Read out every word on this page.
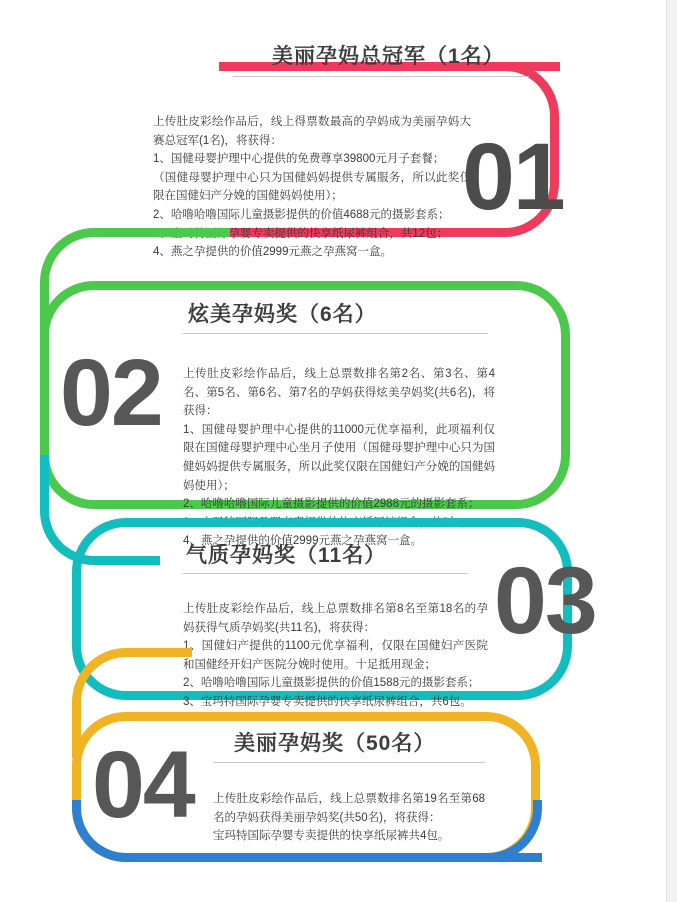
美丽孕妈总冠军（1名）

上传肚皮彩绘作品后，线上得票数最高的孕妈成为美丽孕妈大赛总冠军(1名)，将获得：

1、国健母婴护理中心提供的免费尊享39800元月子套餐；

（国健母婴护理中心只为国健妈妈提供专属服务，所以此奖仅限在国健妇产分娩的国健妈妈使用）；

2、哈噜哈噜国际儿童摄影提供的价值4688元的摄影套系；

3、宝玛特国际孕婴专卖提供的快享纸尿裤组合，共12包；

4、燕之孕提供的价值2999元燕之孕燕窝一盒。

01
炫美孕妈奖（6名）

上传肚皮彩绘作品后，线上总票数排名第2名、第3名、第4名、第5名、第6名、第7名的孕妈获得炫美孕妈奖(共6名)，将获得：

1、国健母婴护理中心提供的11000元优享福利，此项福利仅限在国健母婴护理中心坐月子使用（国健母婴护理中心只为国健妈妈提供专属服务，所以此奖仅限在国健妇产分娩的国健妈妈使用）；

2、哈噜哈噜国际儿童摄影提供的价值2988元的摄影套系；

3、宝玛特国际孕婴专卖提供的快享纸尿裤组合，共8包；

4、燕之孕提供的价值2999元燕之孕燕窝一盒。

02
气质孕妈奖（11名）

上传肚皮彩绘作品后，线上总票数排名第8名至第18名的孕妈获得气质孕妈奖(共11名)，将获得：

1、国健妇产提供的1100元优享福利，仅限在国健妇产医院和国健经开妇产医院分娩时使用。十足抵用现金；

2、哈噜哈噜国际儿童摄影提供的价值1588元的摄影套系；

3、宝玛特国际孕婴专卖提供的快享纸尿裤组合，共6包。

03
美丽孕妈奖（50名）

上传肚皮彩绘作品后，线上总票数排名第19名至第68名的孕妈获得美丽孕妈奖(共50名)，将获得：

宝玛特国际孕婴专卖提供的快享纸尿裤共4包。

04
